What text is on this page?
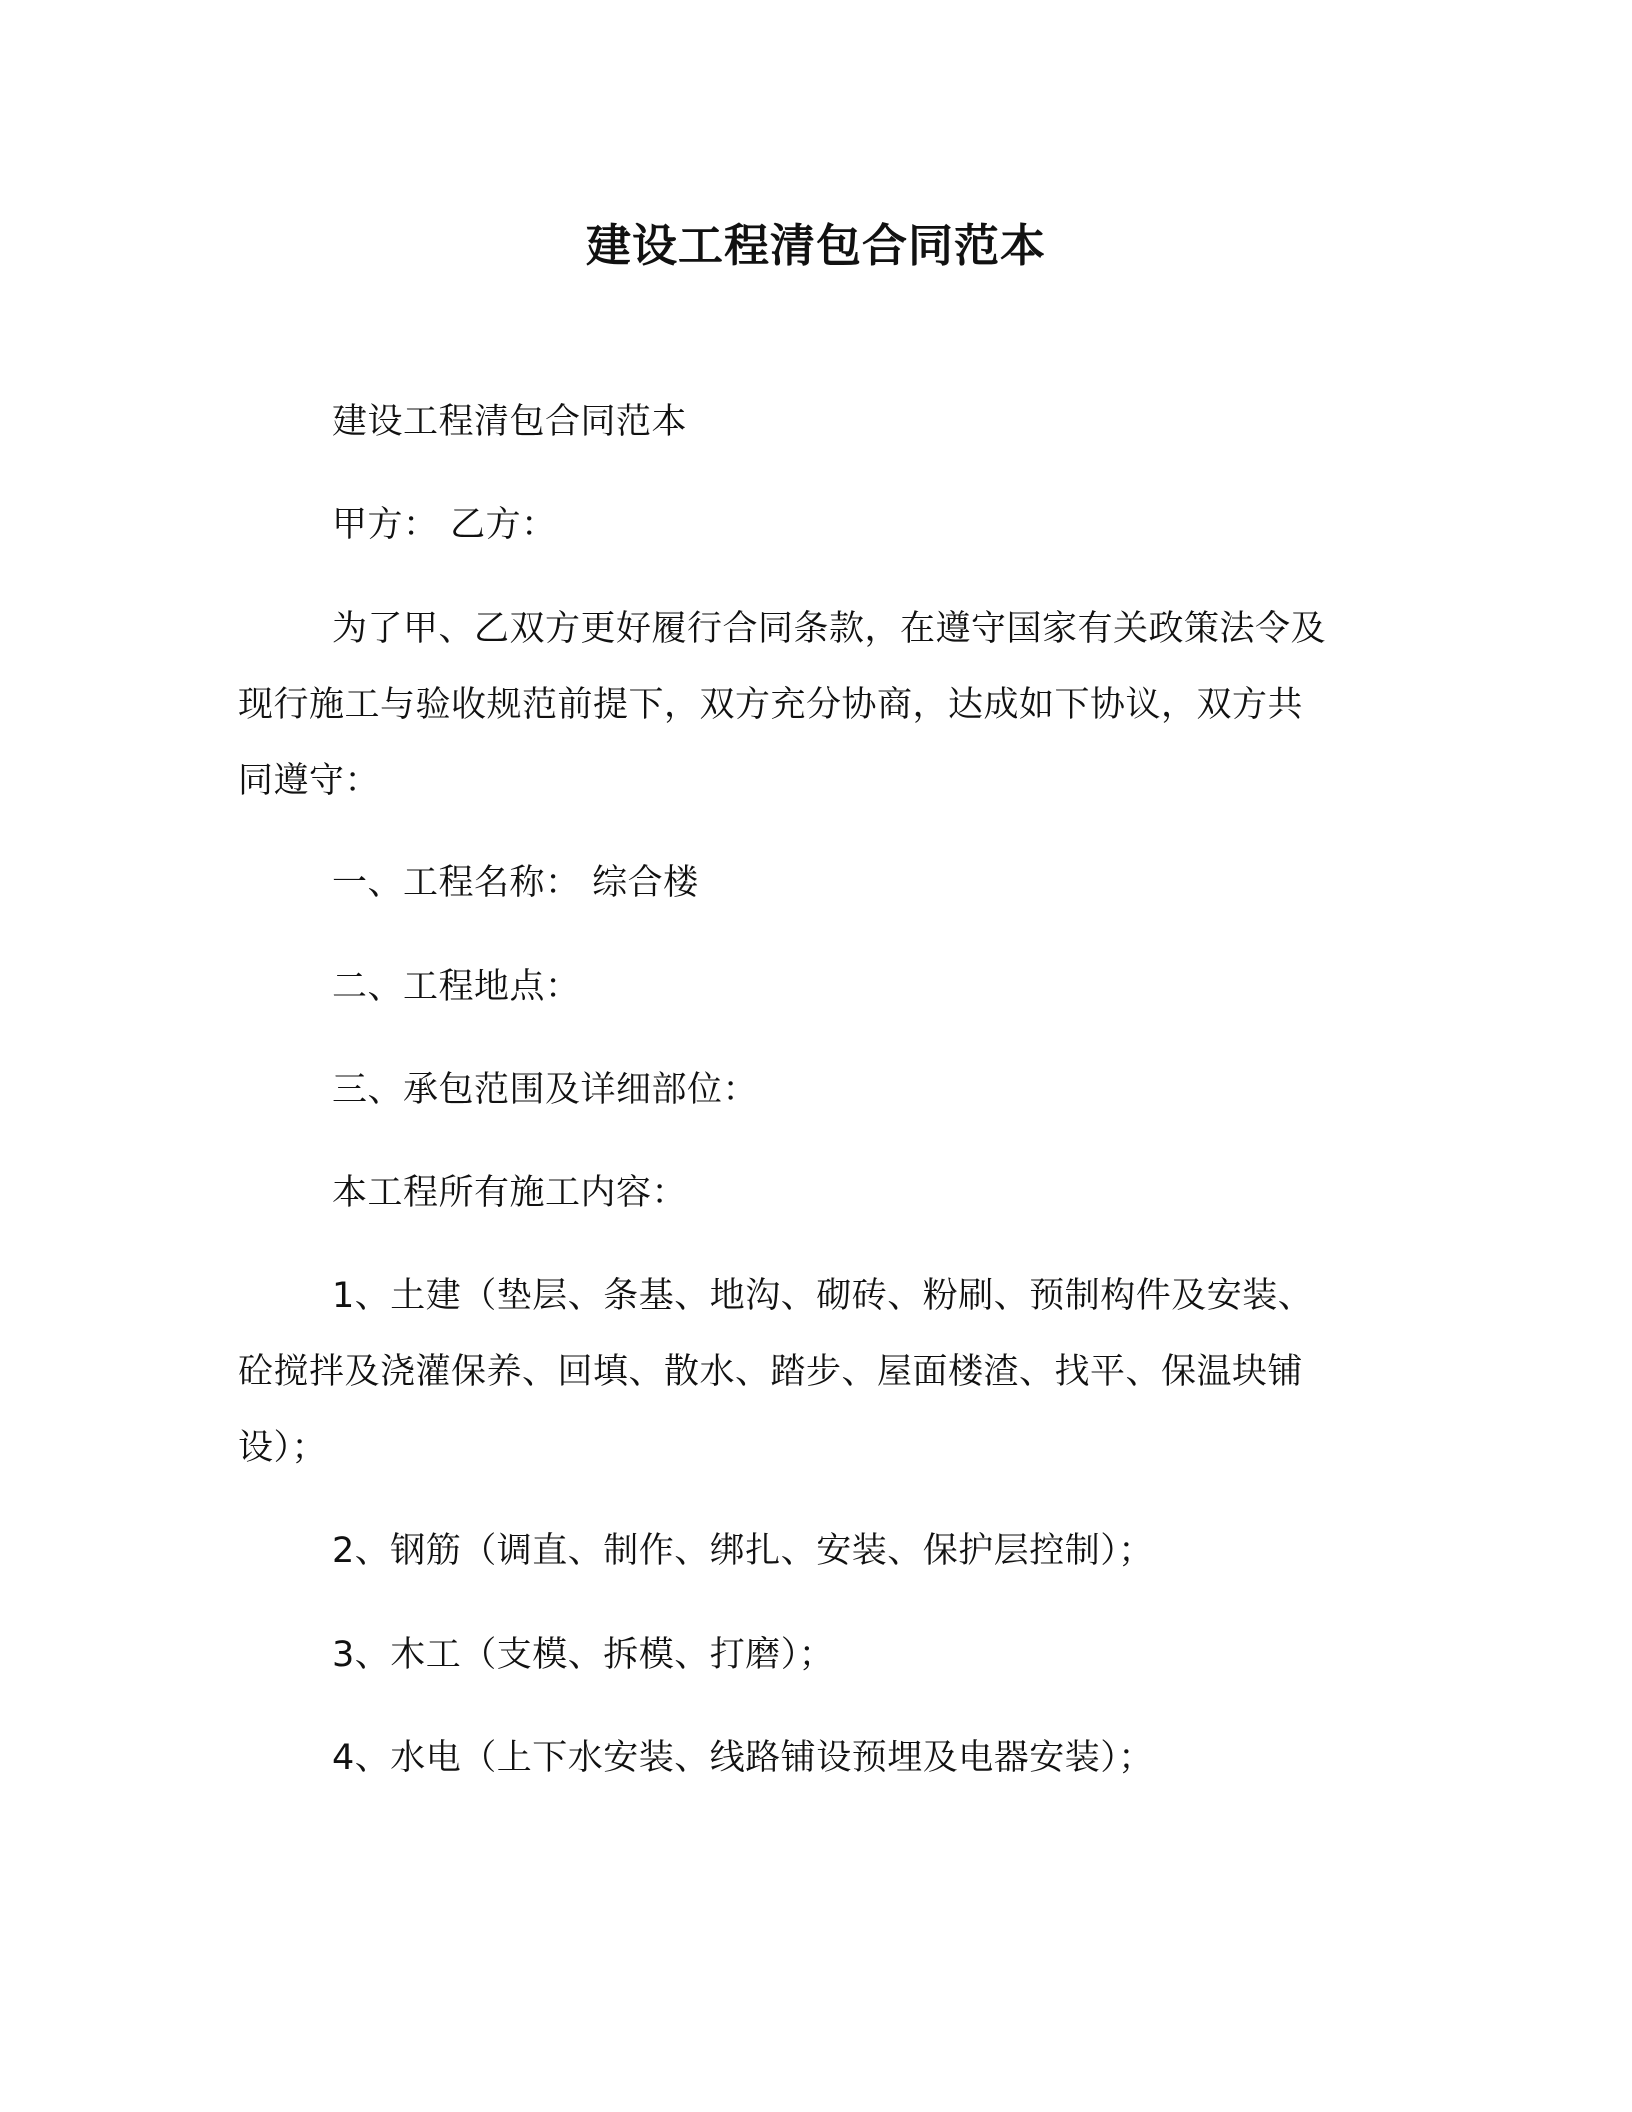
建设工程清包合同范本
建设工程清包合同范本
甲方： 乙方：
为了甲、乙双方更好履行合同条款，在遵守国家有关政策法令及
现行施工与验收规范前提下，双方充分协商，达成如下协议，双方共
同遵守：
一、工程名称： 综合楼
二、工程地点：
三、承包范围及详细部位：
本工程所有施工内容：
1、土建（垫层、条基、地沟、砌砖、粉刷、预制构件及安装、
砼搅拌及浇灌保养、回填、散水、踏步、屋面楼渣、找平、保温块铺
设）；
2、钢筋（调直、制作、绑扎、安装、保护层控制）；
3、木工（支模、拆模、打磨）；
4、水电（上下水安装、线路铺设预埋及电器安装）；
